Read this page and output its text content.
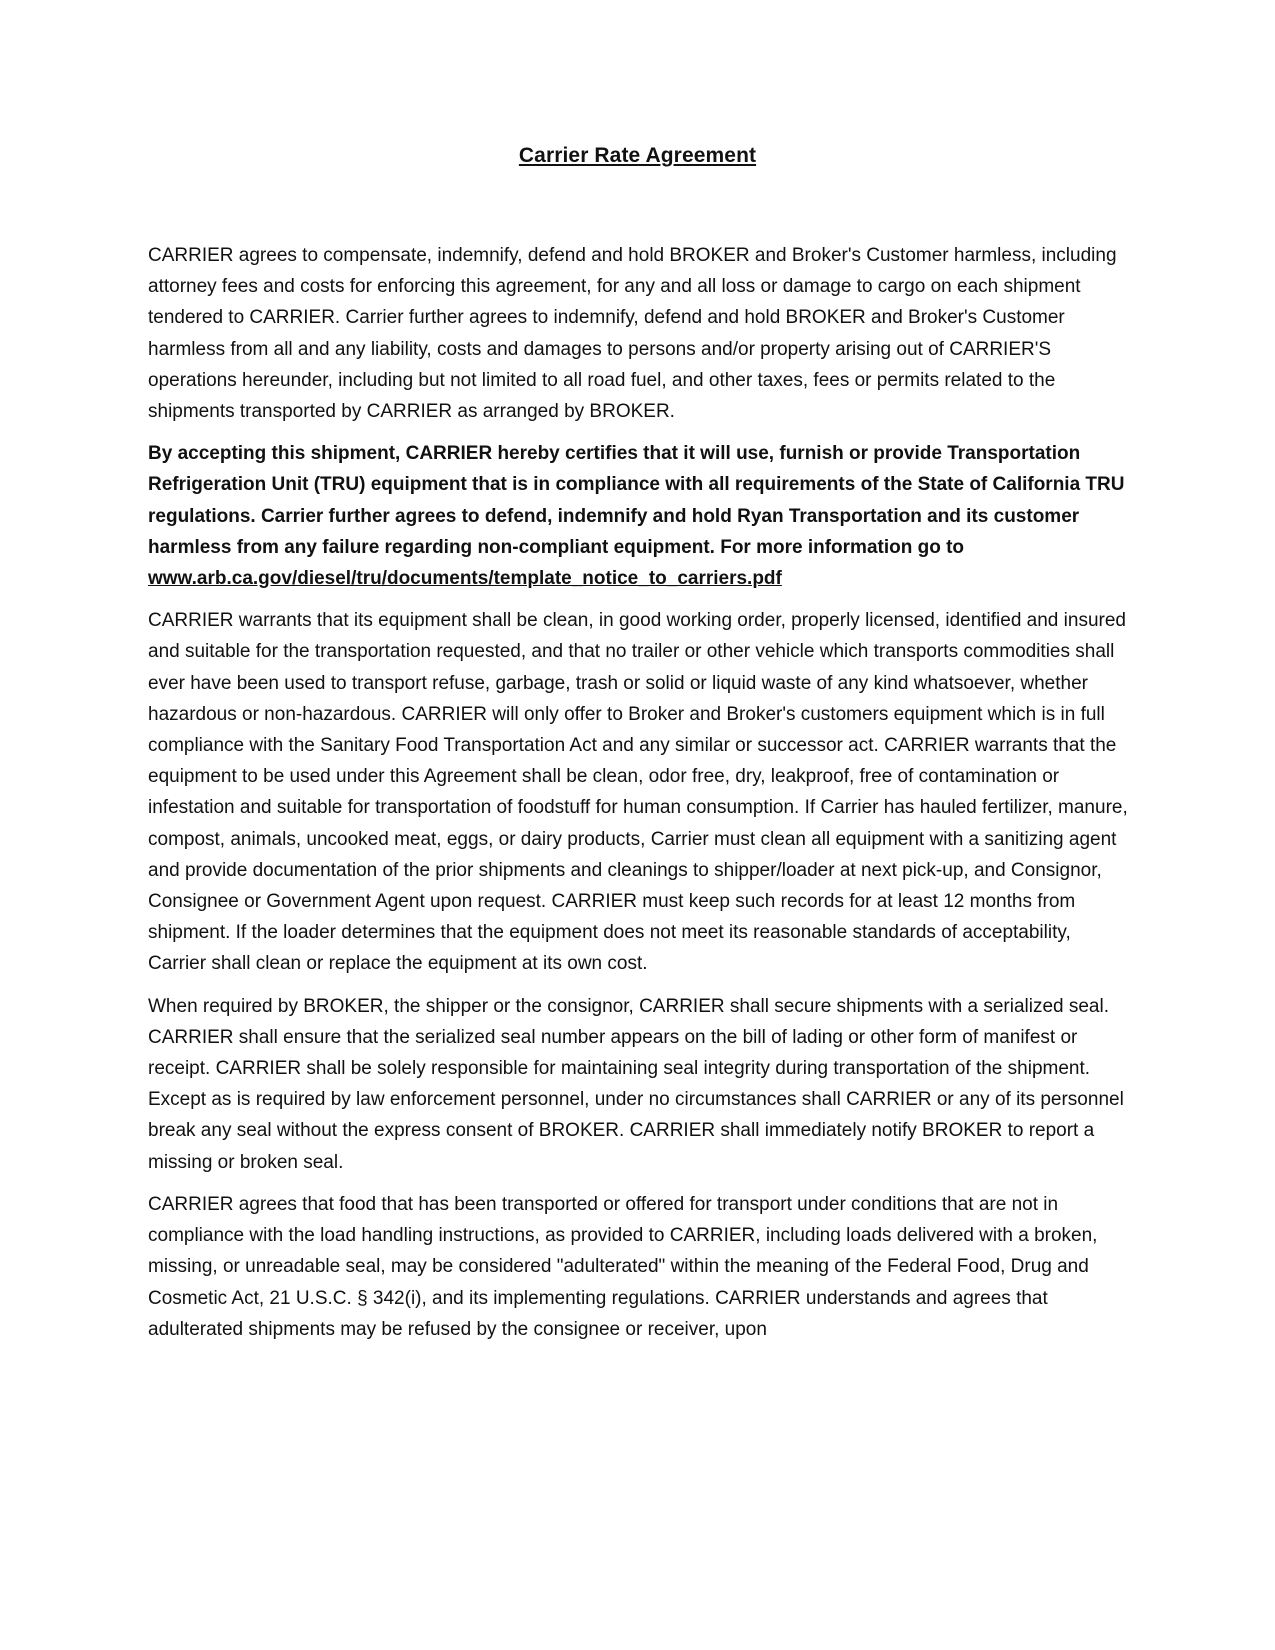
Carrier Rate Agreement

CARRIER agrees to compensate, indemnify, defend and hold BROKER and Broker's Customer harmless, including attorney fees and costs for enforcing this agreement, for any and all loss or damage to cargo on each shipment tendered to CARRIER. Carrier further agrees to indemnify, defend and hold BROKER and Broker's Customer harmless from all and any liability, costs and damages to persons and/or property arising out of CARRIER'S operations hereunder, including but not limited to all road fuel, and other taxes, fees or permits related to the shipments transported by CARRIER as arranged by BROKER.

By accepting this shipment, CARRIER hereby certifies that it will use, furnish or provide Transportation Refrigeration Unit (TRU) equipment that is in compliance with all requirements of the State of California TRU regulations. Carrier further agrees to defend, indemnify and hold Ryan Transportation and its customer harmless from any failure regarding non-compliant equipment. For more information go to www.arb.ca.gov/diesel/tru/documents/template_notice_to_carriers.pdf

CARRIER warrants that its equipment shall be clean, in good working order, properly licensed, identified and insured and suitable for the transportation requested, and that no trailer or other vehicle which transports commodities shall ever have been used to transport refuse, garbage, trash or solid or liquid waste of any kind whatsoever, whether hazardous or non-hazardous. CARRIER will only offer to Broker and Broker's customers equipment which is in full compliance with the Sanitary Food Transportation Act and any similar or successor act. CARRIER warrants that the equipment to be used under this Agreement shall be clean, odor free, dry, leakproof, free of contamination or infestation and suitable for transportation of foodstuff for human consumption. If Carrier has hauled fertilizer, manure, compost, animals, uncooked meat, eggs, or dairy products, Carrier must clean all equipment with a sanitizing agent and provide documentation of the prior shipments and cleanings to shipper/loader at next pick-up, and Consignor, Consignee or Government Agent upon request. CARRIER must keep such records for at least 12 months from shipment. If the loader determines that the equipment does not meet its reasonable standards of acceptability, Carrier shall clean or replace the equipment at its own cost.

When required by BROKER, the shipper or the consignor, CARRIER shall secure shipments with a serialized seal. CARRIER shall ensure that the serialized seal number appears on the bill of lading or other form of manifest or receipt. CARRIER shall be solely responsible for maintaining seal integrity during transportation of the shipment. Except as is required by law enforcement personnel, under no circumstances shall CARRIER or any of its personnel break any seal without the express consent of BROKER. CARRIER shall immediately notify BROKER to report a missing or broken seal.

CARRIER agrees that food that has been transported or offered for transport under conditions that are not in compliance with the load handling instructions, as provided to CARRIER, including loads delivered with a broken, missing, or unreadable seal, may be considered "adulterated" within the meaning of the Federal Food, Drug and Cosmetic Act, 21 U.S.C. § 342(i), and its implementing regulations. CARRIER understands and agrees that adulterated shipments may be refused by the consignee or receiver, upon
